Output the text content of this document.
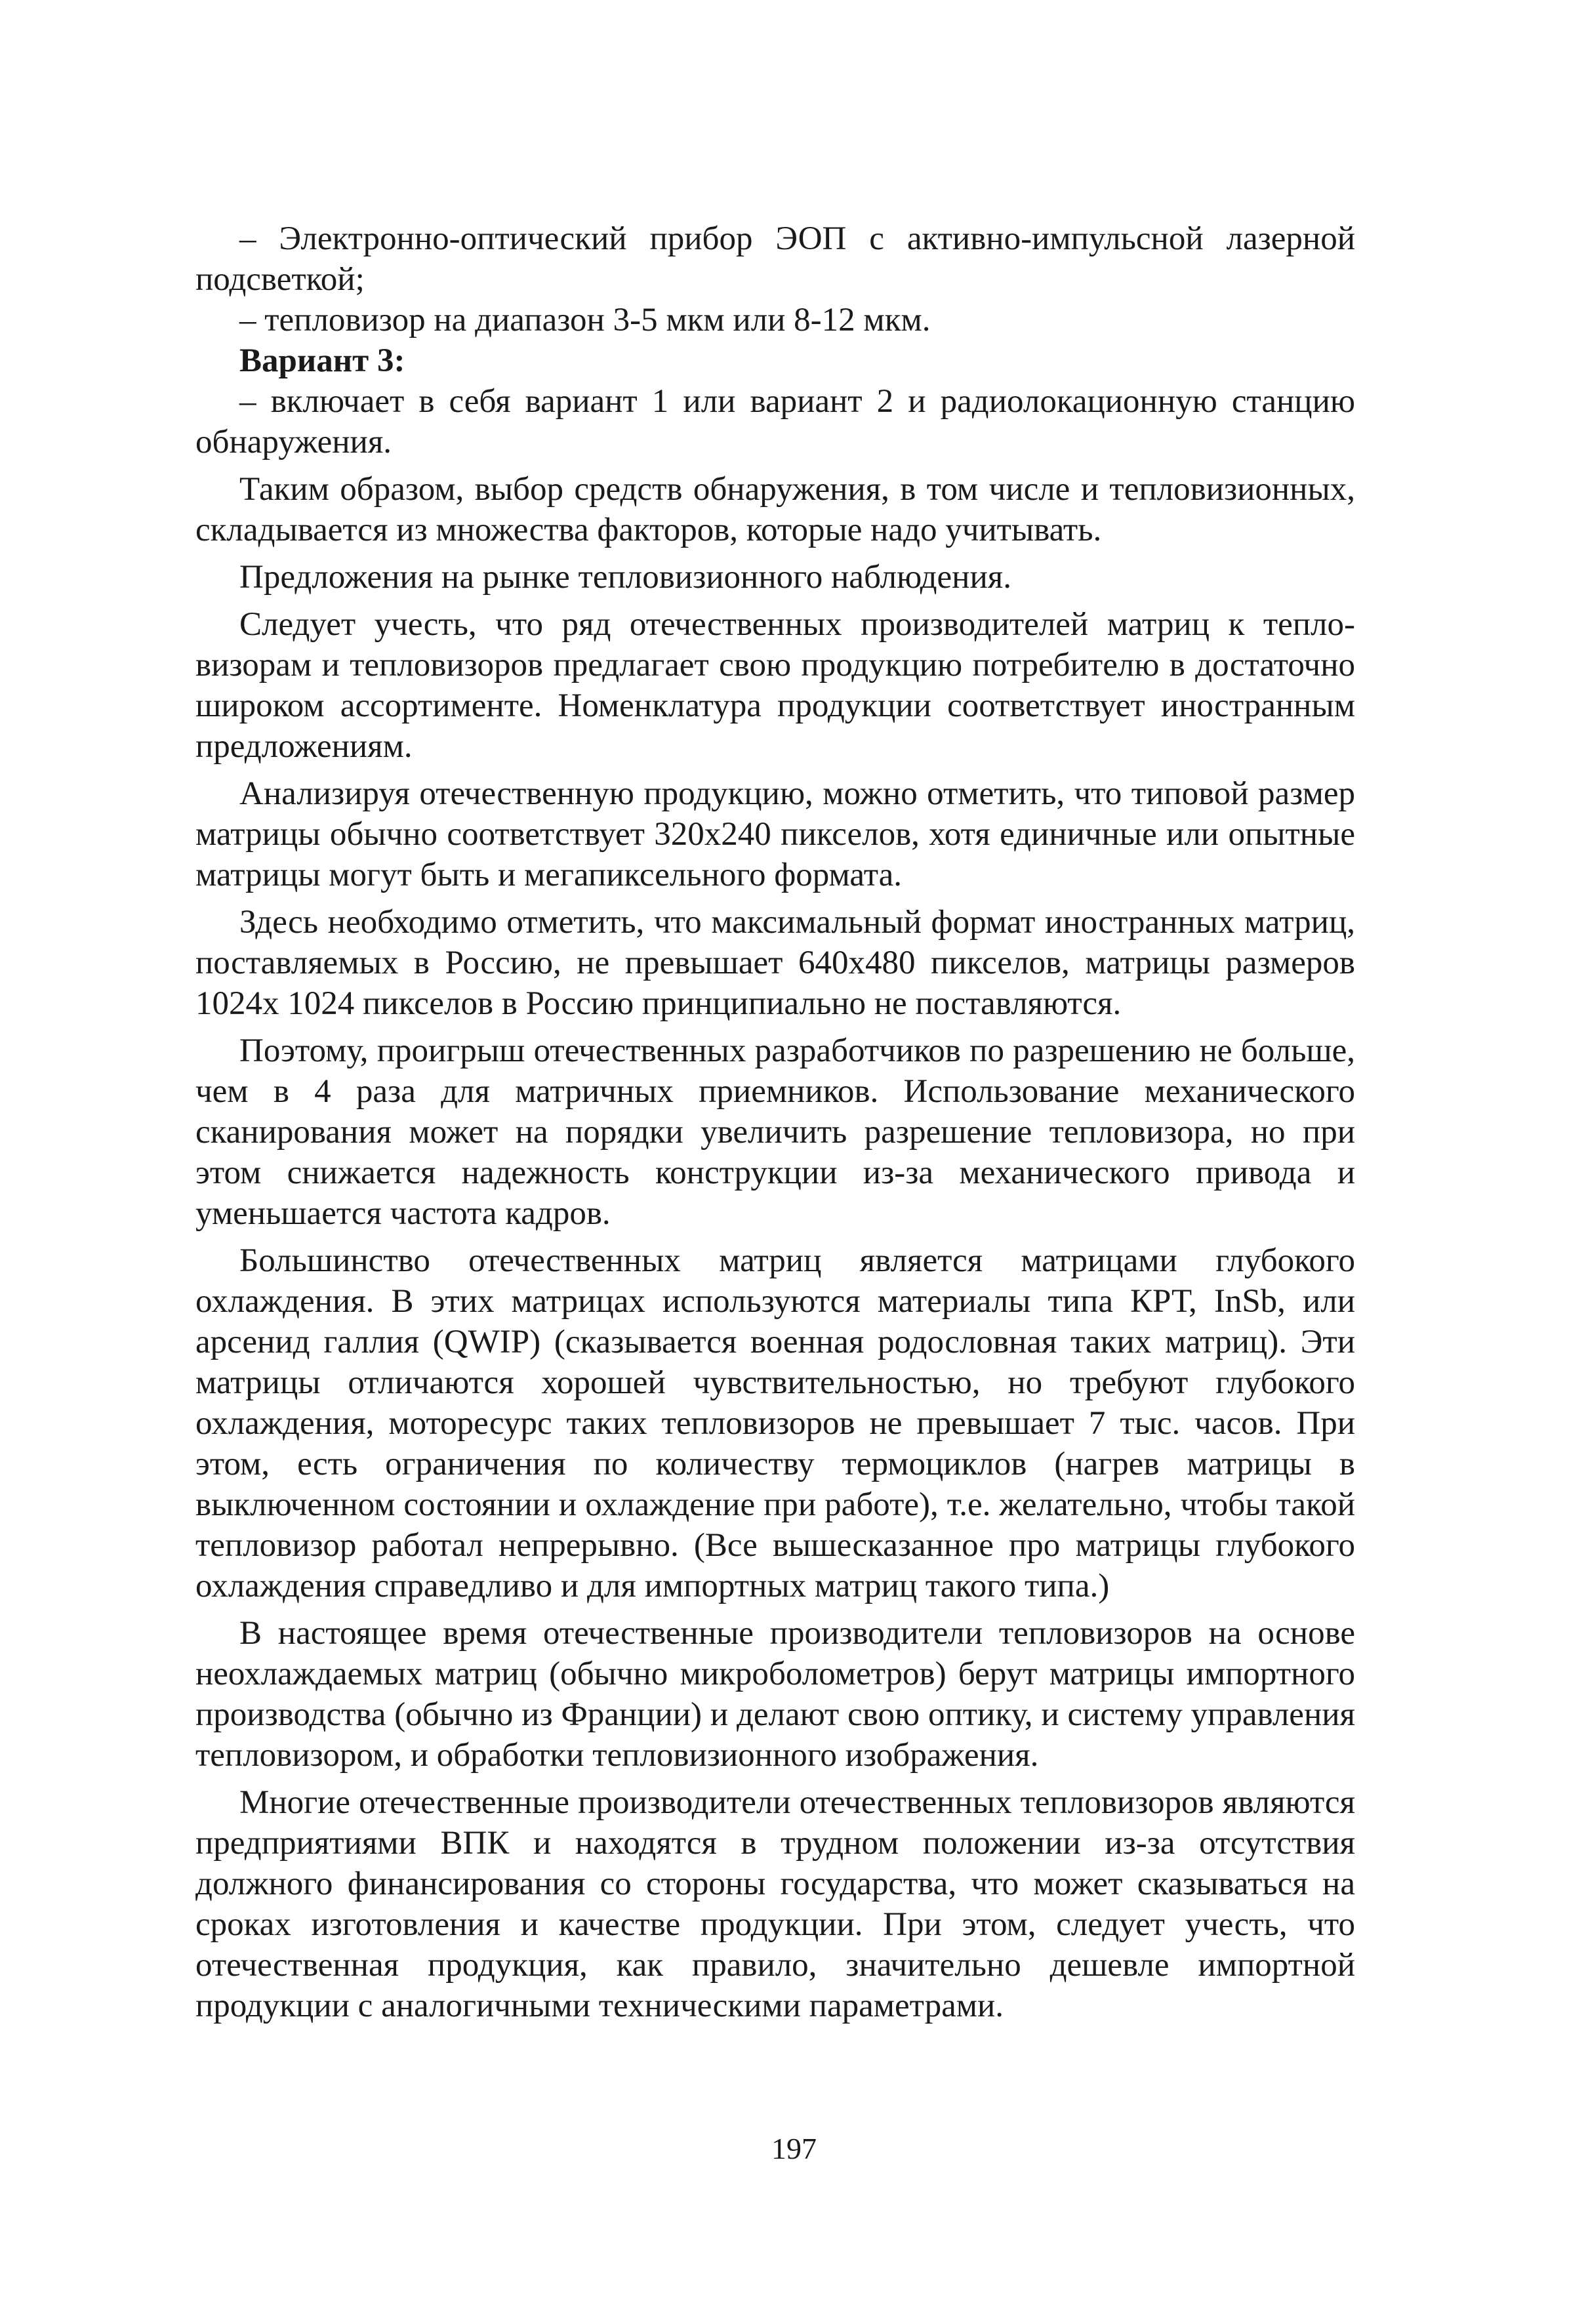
– Электронно-оптический прибор ЭОП с активно-импульсной лазерной подсветкой;

– тепловизор на диапазон 3-5 мкм или 8-12 мкм.

Вариант 3:

– включает в себя вариант 1 или вариант 2 и радиолокационную станцию обнаружения.

Таким образом, выбор средств обнаружения, в том числе и тепловизионных, складывается из множества факторов, которые надо учитывать.

Предложения на рынке тепловизионного наблюдения.

Следует учесть, что ряд отечественных производителей матриц к тепловизорам и тепловизоров предлагает свою продукцию потребителю в достаточно широком ассортименте. Номенклатура продукции соответствует иностранным предложениям.

Анализируя отечественную продукцию, можно отметить, что типовой размер матрицы обычно соответствует 320х240 пикселов, хотя единичные или опытные матрицы могут быть и мегапиксельного формата.

Здесь необходимо отметить, что максимальный формат иностранных матриц, поставляемых в Россию, не превышает 640х480 пикселов, матрицы размеров 1024х 1024 пикселов в Россию принципиально не поставляются.

Поэтому, проигрыш отечественных разработчиков по разрешению не больше, чем в 4 раза для матричных приемников. Использование механического сканирования может на порядки увеличить разрешение тепловизора, но при этом снижается надежность конструкции из-за механического привода и уменьшается частота кадров.

Большинство отечественных матриц является матрицами глубокого охлаждения. В этих матрицах используются материалы типа КРТ, InSb, или арсенид галлия (QWIP) (сказывается военная родословная таких матриц). Эти матрицы отличаются хорошей чувствительностью, но требуют глубокого охлаждения, моторесурс таких тепловизоров не превышает 7 тыс. часов. При этом, есть ограничения по количеству термоциклов (нагрев матрицы в выключенном состоянии и охлаждение при работе), т.е. желательно, чтобы такой тепловизор работал непрерывно. (Все вышесказанное про матрицы глубокого охлаждения справедливо и для импортных матриц такого типа.)

В настоящее время отечественные производители тепловизоров на основе неохлаждаемых матриц (обычно микроболометров) берут матрицы импортного производства (обычно из Франции) и делают свою оптику, и систему управления тепловизором, и обработки тепловизионного изображения.

Многие отечественные производители отечественных тепловизоров являются предприятиями ВПК и находятся в трудном положении из-за отсутствия должного финансирования со стороны государства, что может сказываться на сроках изготовления и качестве продукции. При этом, следует учесть, что отечественная продукция, как правило, значительно дешевле импортной продукции с аналогичными техническими параметрами.

197
